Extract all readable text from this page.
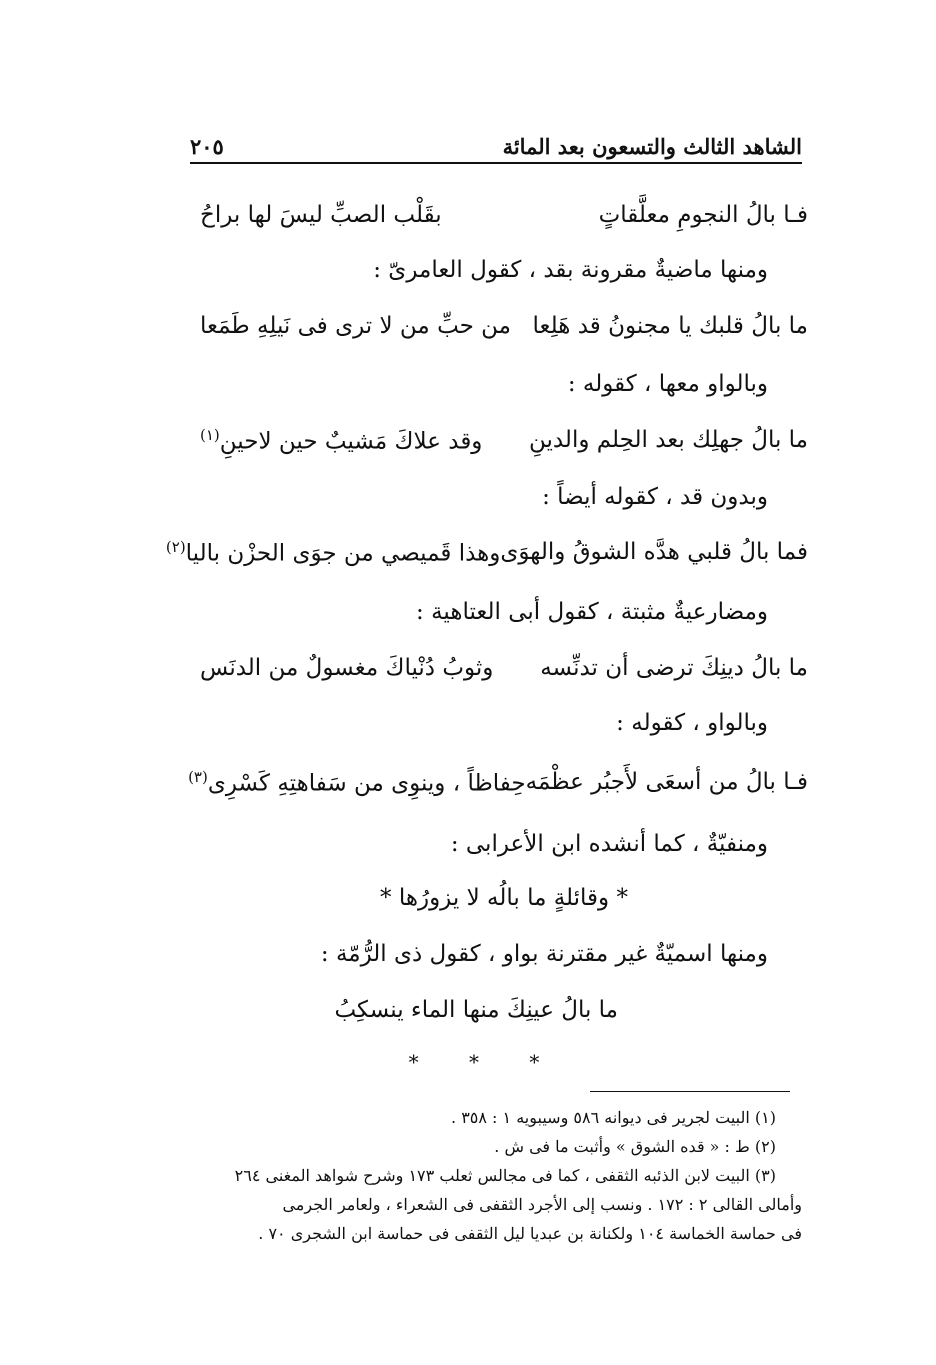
الشاهد الثالث والتسعون بعد المائة
٢٠٥
فـا بالُ النجومِ معلَّقاتٍ
بقَلْب الصبِّ ليسَ لها براحُ
ومنها ماضيةٌ مقرونة بقد ، كقول العامرىّ :
ما بالُ قلبك يا مجنونُ قد هَلِعا
من حبِّ من لا ترى فى نَيلِهِ طَمَعا
وبالواو معها ، كقوله :
ما بالُ جهلِك بعد الحِلم والدينِ
وقد علاكَ مَشيبٌ حين لاحينِ$^{(١)}$
وبدون قد ، كقوله أيضاً :
فما بالُ قلبي هدَّه الشوقُ والهوَى
وهذا قَميصي من جوَى الحزْن باليا$^{(٢)}$
ومضارعيةٌ مثبتة ، كقول أبى العتاهية :
ما بالُ دينِكَ ترضى أن تدنِّسه
وثوبُ دُنْياكَ مغسولٌ من الدنَس
وبالواو ، كقوله :
فـا بالُ من أسعَى لأَجبُر عظْمَه
حِفاظاً ، وينوِى من سَفاهتِهِ كَسْرِى$^{(٣)}$
ومنفيّةٌ ، كما أنشده ابن الأعرابى :
* وقائلةٍ ما بالُه لا يزورُها *
ومنها اسميّةٌ غير مقترنة بواو ، كقول ذى الرُّمّة :
ما بالُ عينِكَ منها الماء ينسكِبُ
* * *
(١) البيت لجرير فى ديوانه ٥٨٦ وسيبويه ١ : ٣٥٨ .
(٢) ط : « قده الشوق » وأثبت ما فى ش .
(٣) البيت لابن الذئبه الثقفى ، كما فى مجالس ثعلب ١٧٣ وشرح شواهد المغنى ٢٦٤
وأمالى القالى ٢ : ١٧٢ . ونسب إلى الأجرد الثقفى فى الشعراء ، ولعامر الجرمى
فى حماسة الخماسة ١٠٤ ولكنانة بن عبديا ليل الثقفى فى حماسة ابن الشجرى ٧٠ .
